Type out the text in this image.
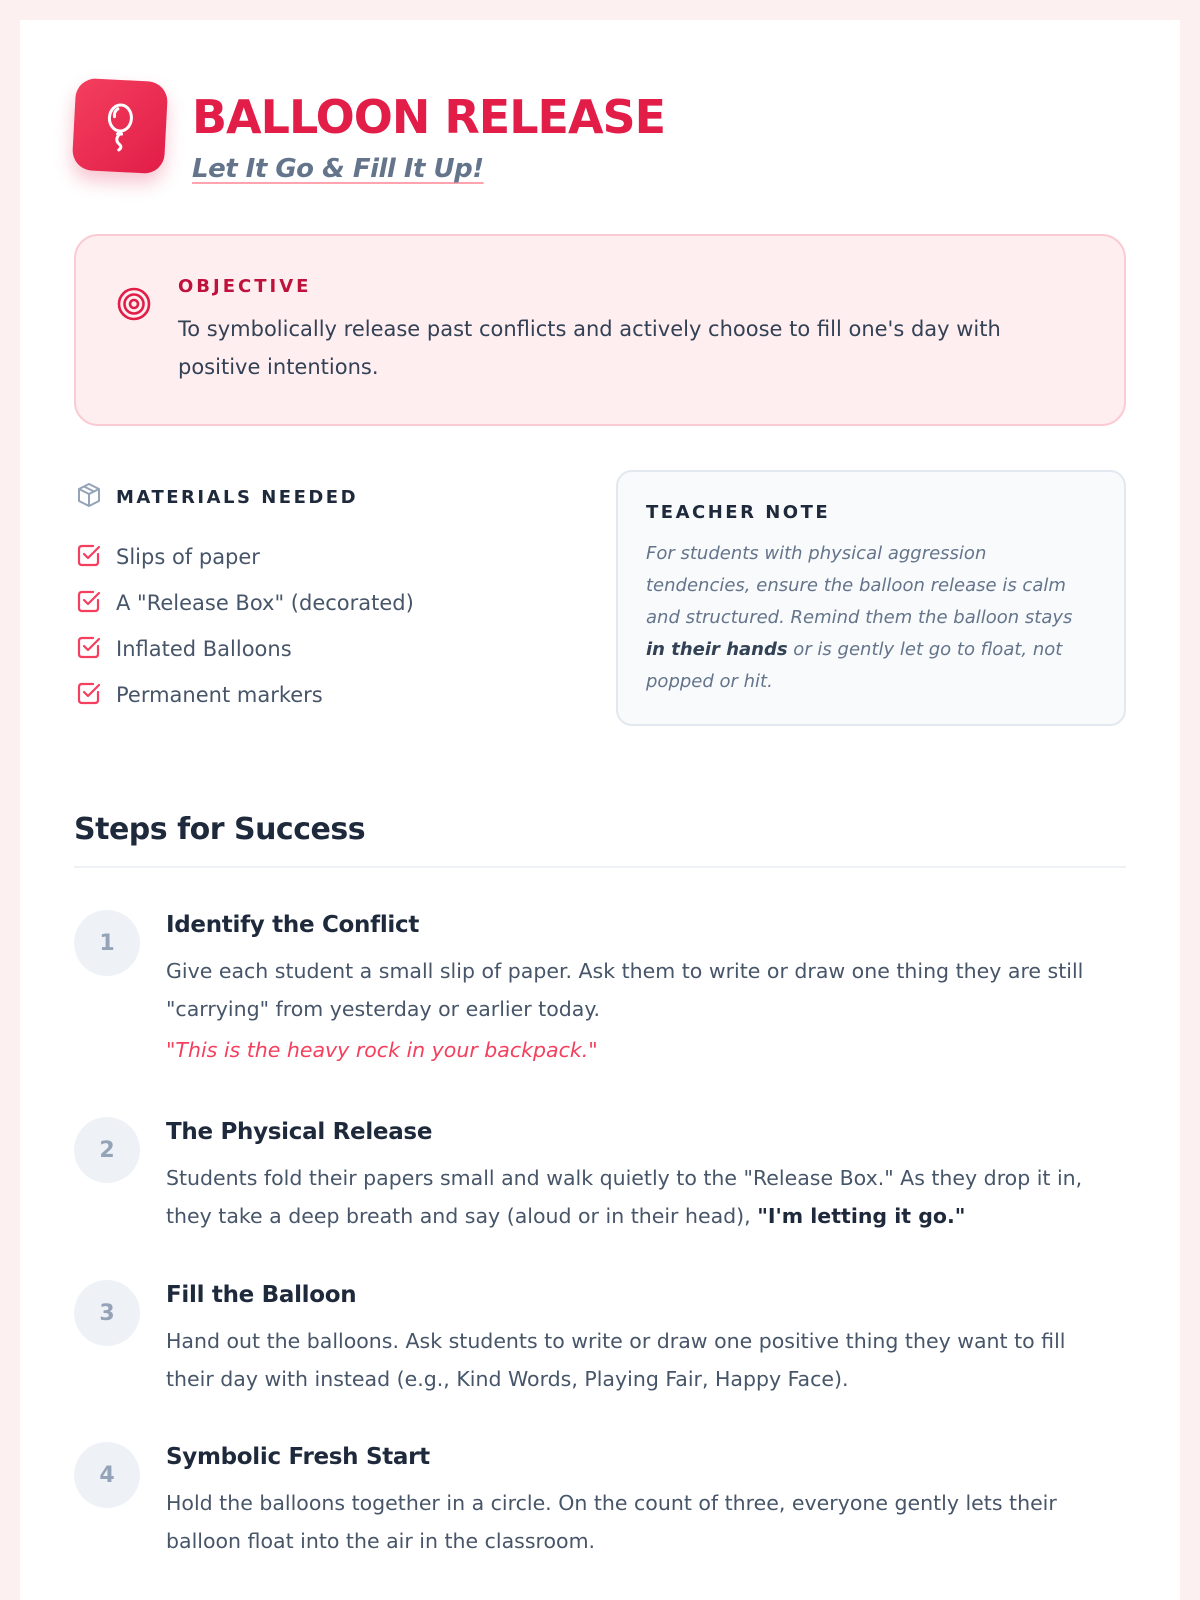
BALLOON RELEASE
Let It Go & Fill It Up!
OBJECTIVE
To symbolically release past conflicts and actively choose to fill one's day with positive intentions.
MATERIALS NEEDED
Slips of paper
A "Release Box" (decorated)
Inflated Balloons
Permanent markers
TEACHER NOTE
For students with physical aggression tendencies, ensure the balloon release is calm and structured. Remind them the balloon stays in their hands or is gently let go to float, not popped or hit.
Steps for Success
1
Identify the Conflict
Give each student a small slip of paper. Ask them to write or draw one thing they are still "carrying" from yesterday or earlier today.
"This is the heavy rock in your backpack."
2
The Physical Release
Students fold their papers small and walk quietly to the "Release Box." As they drop it in, they take a deep breath and say (aloud or in their head), "I'm letting it go."
3
Fill the Balloon
Hand out the balloons. Ask students to write or draw one positive thing they want to fill their day with instead (e.g., Kind Words, Playing Fair, Happy Face).
4
Symbolic Fresh Start
Hold the balloons together in a circle. On the count of three, everyone gently lets their balloon float into the air in the classroom.
